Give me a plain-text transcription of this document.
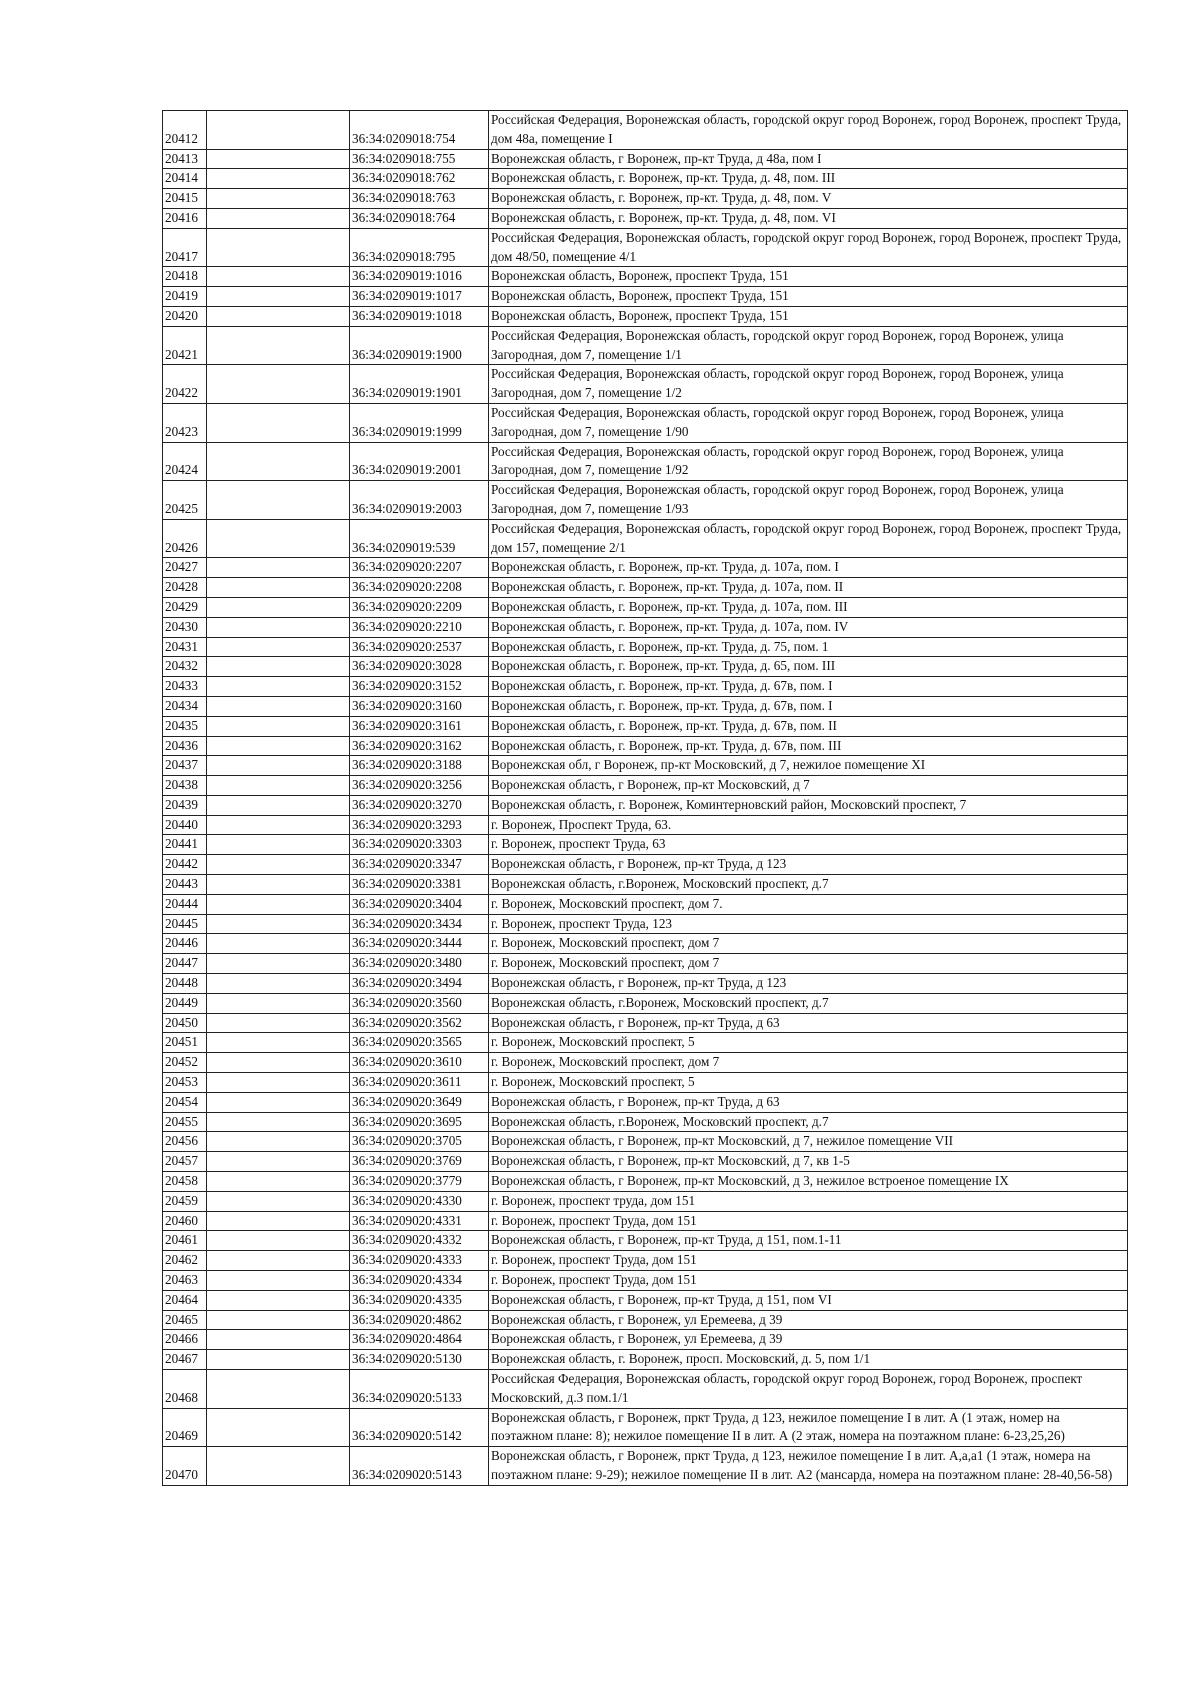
20412		36:34:0209018:754	Российская Федерация, Воронежская область, городской округ город Воронеж, город Воронеж, проспект Труда, дом 48а, помещение I
20413		36:34:0209018:755	Воронежская область, г Воронеж, пр-кт Труда, д 48а, пом I
20414		36:34:0209018:762	Воронежская область, г. Воронеж, пр-кт. Труда, д. 48, пом. III
20415		36:34:0209018:763	Воронежская область, г. Воронеж, пр-кт. Труда, д. 48, пом. V
20416		36:34:0209018:764	Воронежская область, г. Воронеж, пр-кт. Труда, д. 48, пом. VI
20417		36:34:0209018:795	Российская Федерация, Воронежская область, городской округ город Воронеж, город Воронеж, проспект Труда, дом 48/50, помещение 4/1
20418		36:34:0209019:1016	Воронежская область, Воронеж, проспект Труда, 151
20419		36:34:0209019:1017	Воронежская область, Воронеж, проспект Труда, 151
20420		36:34:0209019:1018	Воронежская область, Воронеж, проспект Труда, 151
20421		36:34:0209019:1900	Российская Федерация, Воронежская область, городской округ город Воронеж, город Воронеж, улица Загородная, дом 7, помещение 1/1
20422		36:34:0209019:1901	Российская Федерация, Воронежская область, городской округ город Воронеж, город Воронеж, улица Загородная, дом 7, помещение 1/2
20423		36:34:0209019:1999	Российская Федерация, Воронежская область, городской округ город Воронеж, город Воронеж, улица Загородная, дом 7, помещение 1/90
20424		36:34:0209019:2001	Российская Федерация, Воронежская область, городской округ город Воронеж, город Воронеж, улица Загородная, дом 7, помещение 1/92
20425		36:34:0209019:2003	Российская Федерация, Воронежская область, городской округ город Воронеж, город Воронеж, улица Загородная, дом 7, помещение 1/93
20426		36:34:0209019:539	Российская Федерация, Воронежская область, городской округ город Воронеж, город Воронеж, проспект Труда, дом 157, помещение 2/1
20427		36:34:0209020:2207	Воронежская область, г. Воронеж, пр-кт. Труда, д. 107а, пом. I
20428		36:34:0209020:2208	Воронежская область, г. Воронеж, пр-кт. Труда, д. 107а, пом. II
20429		36:34:0209020:2209	Воронежская область, г. Воронеж, пр-кт. Труда, д. 107а, пом. III
20430		36:34:0209020:2210	Воронежская область, г. Воронеж, пр-кт. Труда, д. 107а, пом. IV
20431		36:34:0209020:2537	Воронежская область, г. Воронеж, пр-кт. Труда, д. 75, пом. 1
20432		36:34:0209020:3028	Воронежская область, г. Воронеж, пр-кт. Труда, д. 65, пом. III
20433		36:34:0209020:3152	Воронежская область, г. Воронеж, пр-кт. Труда, д. 67в, пом. I
20434		36:34:0209020:3160	Воронежская область, г. Воронеж, пр-кт. Труда, д. 67в, пом. I
20435		36:34:0209020:3161	Воронежская область, г. Воронеж, пр-кт. Труда, д. 67в, пом. II
20436		36:34:0209020:3162	Воронежская область, г. Воронеж, пр-кт. Труда, д. 67в, пом. III
20437		36:34:0209020:3188	Воронежская обл, г Воронеж, пр-кт Московский, д 7, нежилое помещение XI
20438		36:34:0209020:3256	Воронежская область, г Воронеж, пр-кт Московский, д 7
20439		36:34:0209020:3270	Воронежская область, г. Воронеж, Коминтерновский район, Московский проспект, 7
20440		36:34:0209020:3293	г. Воронеж, Проспект Труда, 63.
20441		36:34:0209020:3303	г. Воронеж, проспект Труда, 63
20442		36:34:0209020:3347	Воронежская область, г Воронеж, пр-кт Труда, д 123
20443		36:34:0209020:3381	Воронежская область, г.Воронеж, Московский проспект, д.7
20444		36:34:0209020:3404	г. Воронеж, Московский проспект, дом 7.
20445		36:34:0209020:3434	г. Воронеж, проспект Труда, 123
20446		36:34:0209020:3444	г. Воронеж, Московский проспект, дом 7
20447		36:34:0209020:3480	г. Воронеж, Московский проспект, дом 7
20448		36:34:0209020:3494	Воронежская область, г Воронеж, пр-кт Труда, д 123
20449		36:34:0209020:3560	Воронежская область, г.Воронеж, Московский проспект, д.7
20450		36:34:0209020:3562	Воронежская область, г Воронеж, пр-кт Труда, д 63
20451		36:34:0209020:3565	г. Воронеж, Московский проспект, 5
20452		36:34:0209020:3610	г. Воронеж, Московский проспект, дом 7
20453		36:34:0209020:3611	г. Воронеж, Московский проспект, 5
20454		36:34:0209020:3649	Воронежская область, г Воронеж, пр-кт Труда, д 63
20455		36:34:0209020:3695	Воронежская область, г.Воронеж, Московский проспект, д.7
20456		36:34:0209020:3705	Воронежская область, г Воронеж, пр-кт Московский, д 7, нежилое помещение VII
20457		36:34:0209020:3769	Воронежская область, г Воронеж, пр-кт Московский, д 7, кв 1-5
20458		36:34:0209020:3779	Воронежская область, г Воронеж, пр-кт Московский, д 3, нежилое встроеное помещение IX
20459		36:34:0209020:4330	г. Воронеж, проспект труда, дом 151
20460		36:34:0209020:4331	г. Воронеж, проспект Труда, дом 151
20461		36:34:0209020:4332	Воронежская область, г Воронеж, пр-кт Труда, д 151, пом.1-11
20462		36:34:0209020:4333	г. Воронеж, проспект Труда, дом 151
20463		36:34:0209020:4334	г. Воронеж, проспект Труда, дом 151
20464		36:34:0209020:4335	Воронежская область, г Воронеж, пр-кт Труда, д 151, пом VI
20465		36:34:0209020:4862	Воронежская область, г Воронеж, ул Еремеева, д 39
20466		36:34:0209020:4864	Воронежская область, г Воронеж, ул Еремеева, д 39
20467		36:34:0209020:5130	Воронежская область, г. Воронеж, просп. Московский, д. 5, пом 1/1
20468		36:34:0209020:5133	Российская Федерация, Воронежская область, городской округ город Воронеж, город Воронеж, проспект Московский, д.3 пом.1/1
20469		36:34:0209020:5142	Воронежская область, г Воронеж, пркт Труда, д 123, нежилое помещение I в лит. А (1 этаж, номер на поэтажном плане: 8); нежилое помещение II в лит. А (2 этаж, номера на поэтажном плане: 6-23,25,26)
20470		36:34:0209020:5143	Воронежская область, г Воронеж, пркт Труда, д 123, нежилое помещение I в лит. А,а,а1 (1 этаж, номера на поэтажном плане: 9-29); нежилое помещение II в лит. А2 (мансарда, номера на поэтажном плане: 28-40,56-58)
